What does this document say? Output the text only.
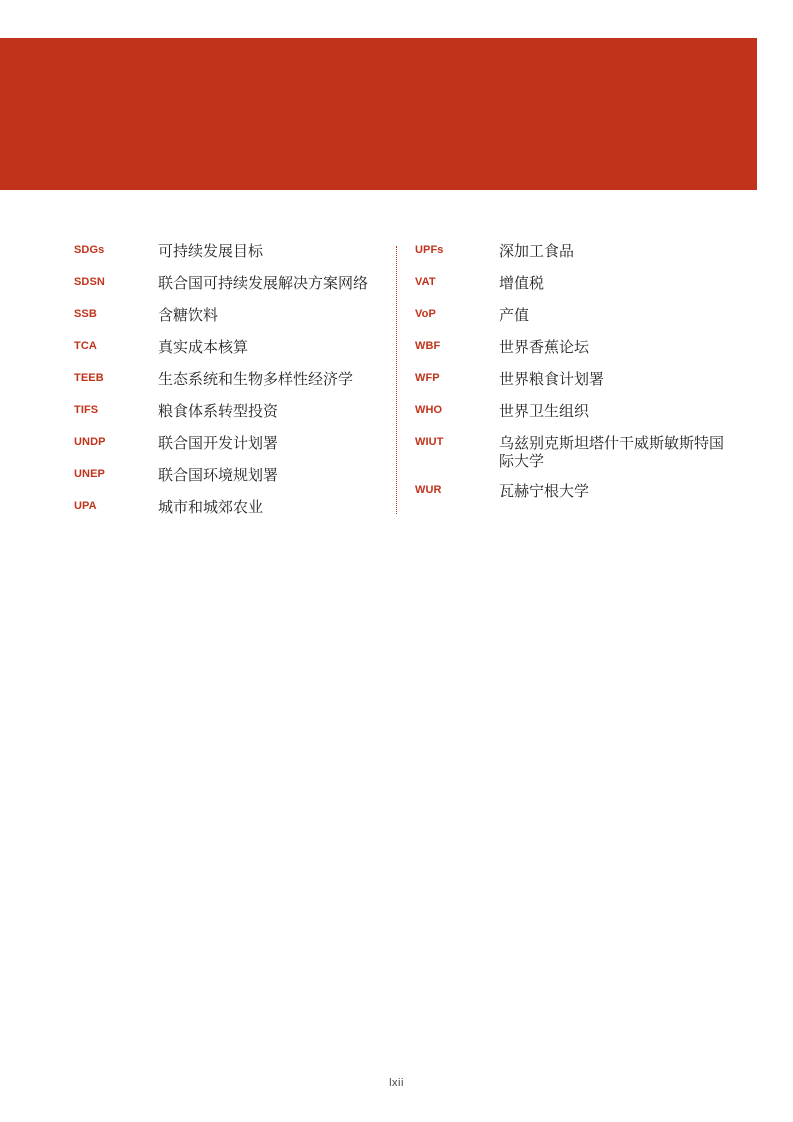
SDGs	可持续发展目标
SDSN	联合国可持续发展解决方案网络
SSB	含糖饮料
TCA	真实成本核算
TEEB	生态系统和生物多样性经济学
TIFS	粮食体系转型投资
UNDP	联合国开发计划署
UNEP	联合国环境规划署
UPA	城市和城郊农业
UPFs	深加工食品
VAT	增值税
VoP	产值
WBF	世界香蕉论坛
WFP	世界粮食计划署
WHO	世界卫生组织
WIUT	乌兹别克斯坦塔什干威斯敏斯特国际大学
WUR	瓦赫宁根大学
lxii
